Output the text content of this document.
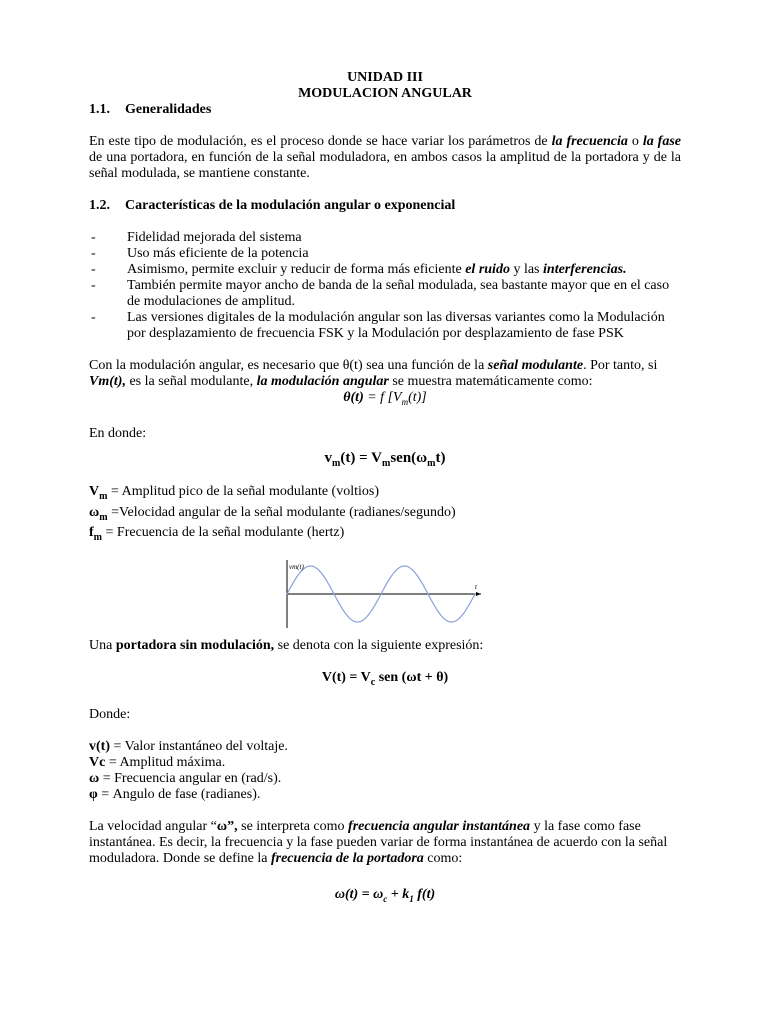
UNIDAD III
MODULACION ANGULAR
1.1.	Generalidades

En este tipo de modulación, es el proceso donde se hace variar los parámetros de la frecuencia o la fase de una portadora, en función de la señal moduladora, en ambos casos la amplitud de la portadora y de la señal modulada, se mantiene constante.

1.2.	Características de la modulación angular o exponencial
-	Fidelidad mejorada del sistema
-	Uso más eficiente de la potencia
-	Asimismo, permite excluir y reducir de forma más eficiente el ruido y las interferencias.
-	También permite mayor ancho de banda de la señal modulada, sea bastante mayor que en el caso de modulaciones de amplitud.
-	Las versiones digitales de la modulación angular son las diversas variantes como la Modulación por desplazamiento de frecuencia FSK y la Modulación por desplazamiento de fase PSK

Con la modulación angular, es necesario que θ(t) sea una función de la señal modulante. Por tanto, si Vm(t), es la señal modulante, la modulación angular se muestra matemáticamente como:

θ(t) = f $[V_m(t)]$

En donde:

$v_m(t) = V_msen(\omega_mt)$
$V_m$ = Amplitud pico de la señal modulante (voltios)
$\omega_m$ =Velocidad angular de la señal modulante (radianes/segundo)
$f_m$ = Frecuencia de la señal modulante (hertz)
vm(t)
t

Una portadora sin modulación, se denota con la siguiente expresión:

$V(t) = V_c$ sen (ωt + θ)

Donde:

v(t) = Valor instantáneo del voltaje.
Vc = Amplitud máxima.
ω = Frecuencia angular en (rad/s).
φ = Angulo de fase (radianes).

La velocidad angular “ω”, se interpreta como frecuencia angular instantánea y la fase como fase instantánea. Es decir, la frecuencia y la fase pueden variar de forma instantánea de acuerdo con la señal moduladora. Donde se define la frecuencia de la portadora como:

$\omega(t) = \omega_c + k_1$ f(t)
